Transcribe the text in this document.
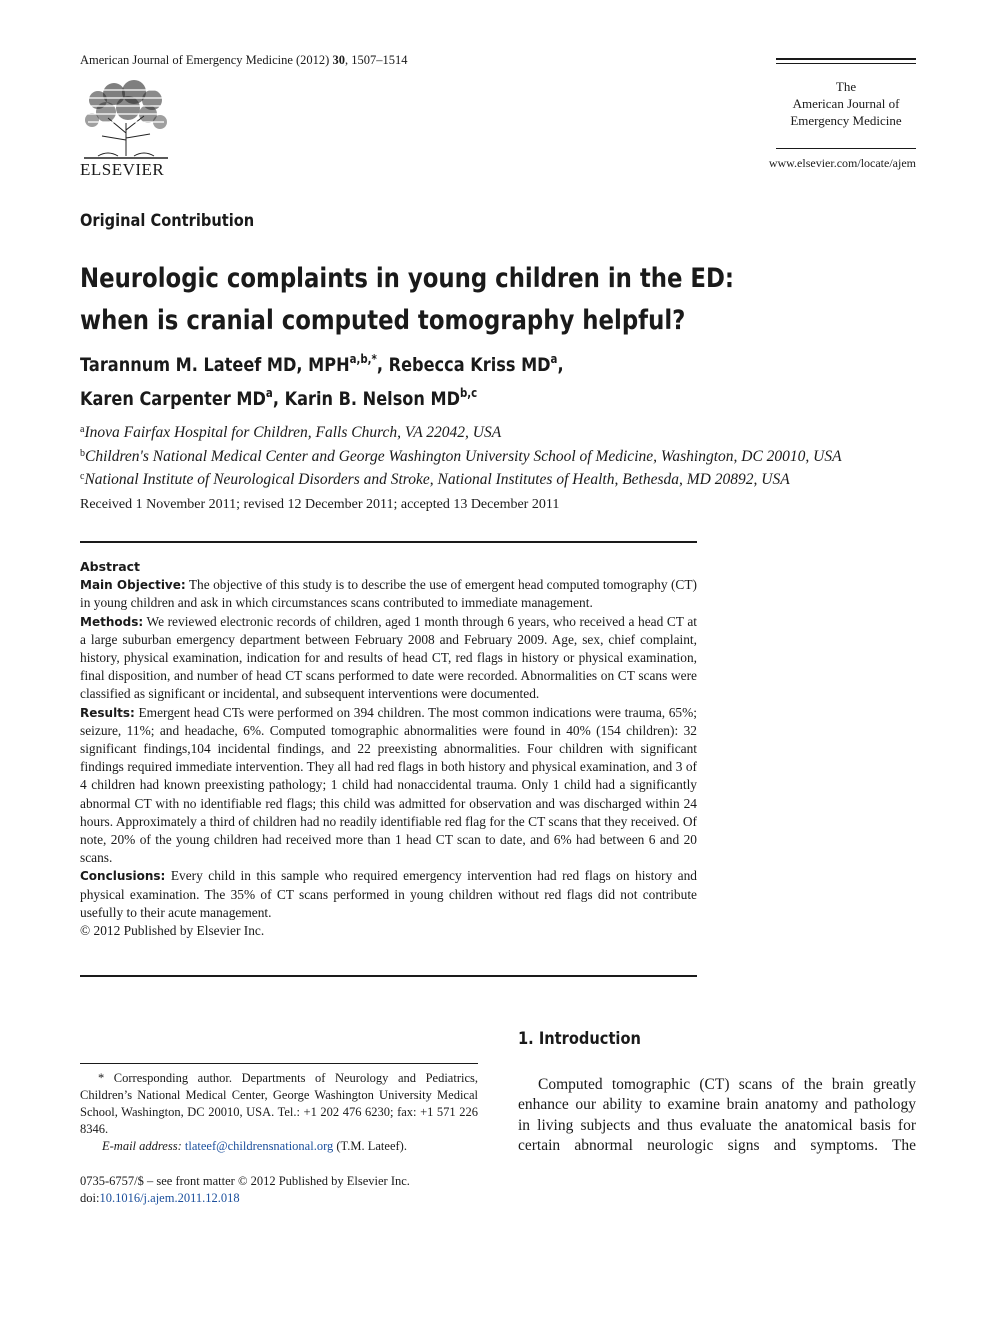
American Journal of Emergency Medicine (2012) 30, 1507–1514
ELSEVIER
The
American Journal of
Emergency Medicine
www.elsevier.com/locate/ajem
Original Contribution
Neurologic complaints in young children in the ED:
when is cranial computed tomography helpful?
Tarannum M. Lateef MD, $MPH^{a,b,*}$, Rebecca Kriss $MD^a$,
Karen Carpenter $MD^a$, Karin B. Nelson MD$^{b,c}$
$^a$Inova Fairfax Hospital for Children, Falls Church, VA 22042, USA
$^b$Children's National Medical Center and George Washington University School of Medicine, Washington, DC 20010, USA
$^c$National Institute of Neurological Disorders and Stroke, National Institutes of Health, Bethesda, MD 20892, USA
Received 1 November 2011; revised 12 December 2011; accepted 13 December 2011
Abstract

Main Objective: The objective of this study is to describe the use of emergent head computed tomography (CT) in young children and ask in which circumstances scans contributed to immediate management.

Methods: We reviewed electronic records of children, aged 1 month through 6 years, who received a head CT at a large suburban emergency department between February 2008 and February 2009. Age, sex, chief complaint, history, physical examination, indication for and results of head CT, red flags in history or physical examination, final disposition, and number of head CT scans performed to date were recorded. Abnormalities on CT scans were classified as significant or incidental, and subsequent interventions were documented.

Results: Emergent head CTs were performed on 394 children. The most common indications were trauma, 65%; seizure, 11%; and headache, 6%. Computed tomographic abnormalities were found in 40% (154 children): 32 significant findings,104 incidental findings, and 22 preexisting abnormalities. Four children with significant findings required immediate intervention. They all had red flags in both history and physical examination, and 3 of 4 children had known preexisting pathology; 1 child had nonaccidental trauma. Only 1 child had a significantly abnormal CT with no identifiable red flags; this child was admitted for observation and was discharged within 24 hours. Approximately a third of children had no readily identifiable red flag for the CT scans that they received. Of note, 20% of the young children had received more than 1 head CT scan to date, and 6% had between 6 and 20 scans.

Conclusions: Every child in this sample who required emergency intervention had red flags on history and physical examination. The 35% of CT scans performed in young children without red flags did not contribute usefully to their acute management.

© 2012 Published by Elsevier Inc.

* Corresponding author. Departments of Neurology and Pediatrics, Children’s National Medical Center, George Washington University Medical School, Washington, DC 20010, USA. Tel.: +1 202 476 6230; fax: +1 571 226 8346.

E-mail address: tlateef@childrensnational.org (T.M. Lateef).

0735-6757/$ – see front matter © 2012 Published by Elsevier Inc.
doi:10.1016/j.ajem.2011.12.018
1. Introduction
Computed tomographic (CT) scans of the brain greatly
enhance our ability to examine brain anatomy and pathology
in living subjects and thus evaluate the anatomical basis for
certain abnormal neurologic signs and symptoms. The
